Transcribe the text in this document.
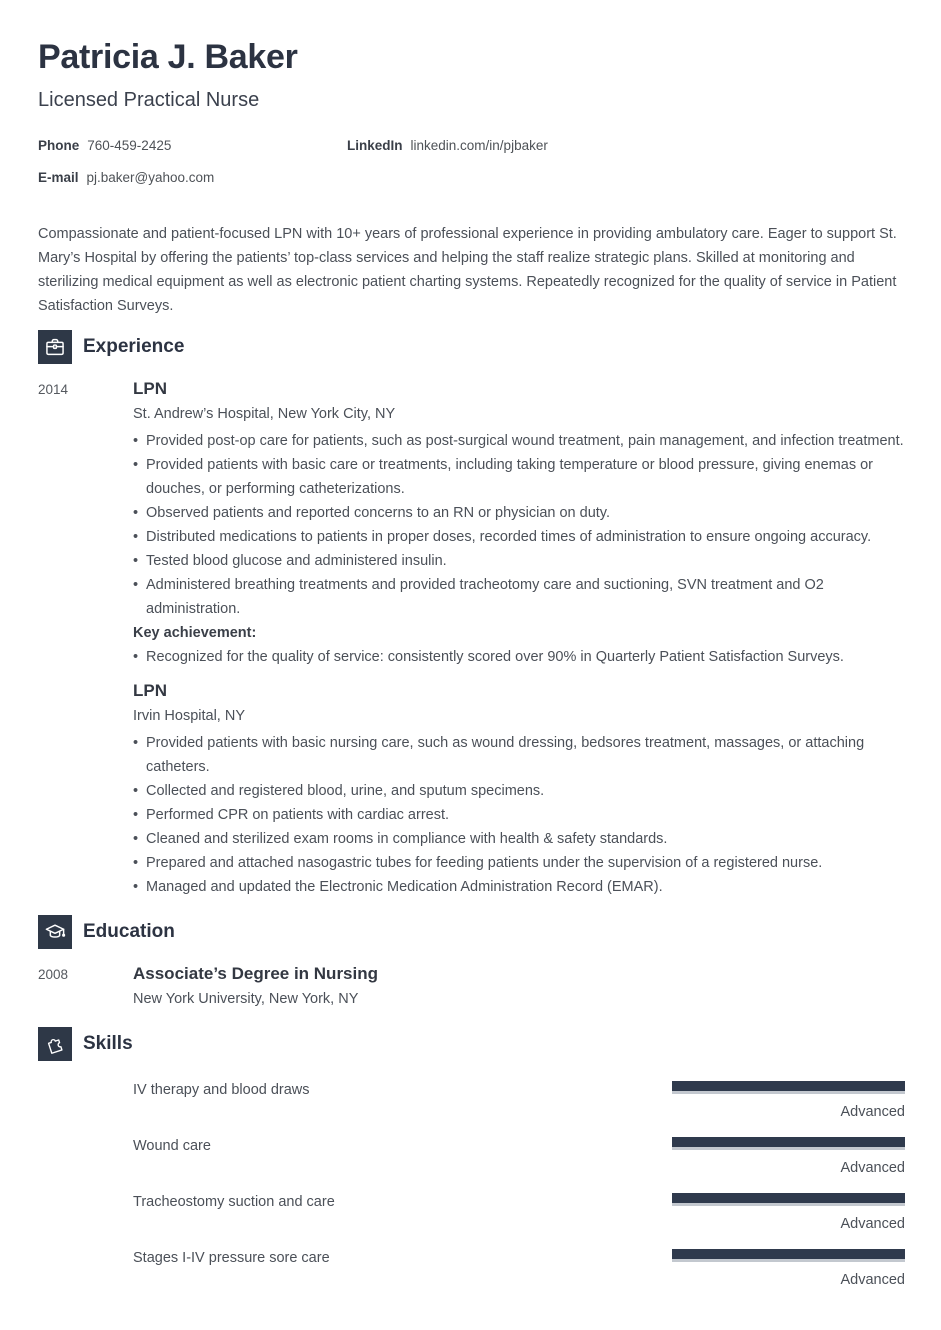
Patricia J. Baker
Licensed Practical Nurse
Phone 760-459-2425	LinkedIn linkedin.com/in/pjbaker
E-mail pj.baker@yahoo.com
Compassionate and patient-focused LPN with 10+ years of professional experience in providing ambulatory care. Eager to support St. Mary’s Hospital by offering the patients’ top-class services and helping the staff realize strategic plans. Skilled at monitoring and sterilizing medical equipment as well as electronic patient charting systems. Repeatedly recognized for the quality of service in Patient Satisfaction Surveys.
Experience
2014	LPN
St. Andrew’s Hospital, New York City, NY
• Provided post-op care for patients, such as post-surgical wound treatment, pain management, and infection treatment.
• Provided patients with basic care or treatments, including taking temperature or blood pressure, giving enemas or douches, or performing catheterizations.
• Observed patients and reported concerns to an RN or physician on duty.
• Distributed medications to patients in proper doses, recorded times of administration to ensure ongoing accuracy.
• Tested blood glucose and administered insulin.
• Administered breathing treatments and provided tracheotomy care and suctioning, SVN treatment and O2 administration.
Key achievement:
• Recognized for the quality of service: consistently scored over 90% in Quarterly Patient Satisfaction Surveys.
LPN
Irvin Hospital, NY
• Provided patients with basic nursing care, such as wound dressing, bedsores treatment, massages, or attaching catheters.
• Collected and registered blood, urine, and sputum specimens.
• Performed CPR on patients with cardiac arrest.
• Cleaned and sterilized exam rooms in compliance with health & safety standards.
• Prepared and attached nasogastric tubes for feeding patients under the supervision of a registered nurse.
• Managed and updated the Electronic Medication Administration Record (EMAR).
Education
2008	Associate’s Degree in Nursing
New York University, New York, NY
Skills
IV therapy and blood draws
Advanced
Wound care
Advanced
Tracheostomy suction and care
Advanced
Stages I-IV pressure sore care
Advanced
